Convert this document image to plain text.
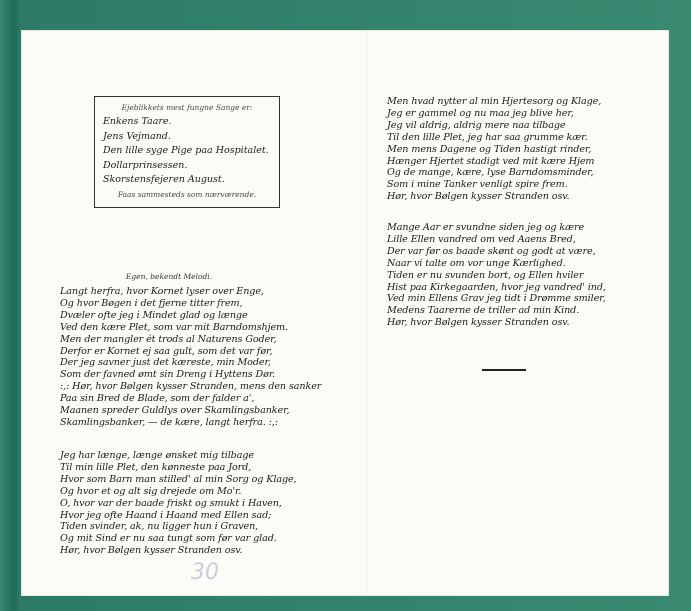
Ejeblikkets mest fungne Sange er:
Enkens Taare.
Jens Vejmand.
Den lille syge Pige paa Hospitalet.
Dollarprinsessen.
Skorstensfejeren August.
Faas sammesteds som nærværende.
Egen, bekendt Melodi.
Langt herfra, hvor Kornet lyser over Enge,
Og hvor Bøgen i det fjerne titter frem,
Dvæler ofte jeg i Mindet glad og længe
Ved den kære Plet, som var mit Barndomshjem.
Men der mangler ét trods al Naturens Goder,
Derfor er Kornet ej saa gult, som det var før,
Der jeg savner just det kæreste, min Moder,
Som der favned ømt sin Dreng i Hyttens Dør.
:,: Hør, hvor Bølgen kysser Stranden, mens den sanker
Paa sin Bred de Blade, som der falder a',
Maanen spreder Guldlys over Skamlingsbanker,
Skamlingsbanker, — de kære, langt herfra. :,:
Jeg har længe, længe ønsket mig tilbage
Til min lille Plet, den kønneste paa Jord,
Hvor som Barn man stilled' al min Sorg og Klage,
Og hvor et og alt sig drejede om Mo'r.
O, hvor var der baade friskt og smukt i Haven,
Hvor jeg ofte Haand i Haand med Ellen sad;
Tiden svinder, ak, nu ligger hun i Graven,
Og mit Sind er nu saa tungt som før var glad.
Hør, hvor Bølgen kysser Stranden osv.
Men hvad nytter al min Hjertesorg og Klage,
Jeg er gammel og nu maa jeg blive her,
Jeg vil aldrig, aldrig mere naa tilbage
Til den lille Plet, jeg har saa grumme kær.
Men mens Dagene og Tiden hastigt rinder,
Hænger Hjertet stadigt ved mit kære Hjem
Og de mange, kære, lyse Barndomsminder,
Som i mine Tanker venligt spire frem.
Hør, hvor Bølgen kysser Stranden osv.
Mange Aar er svundne siden jeg og kære
Lille Ellen vandred om ved Aaens Bred,
Der var før os baade skønt og godt at være,
Naar vi talte om vor unge Kærlighed.
Tiden er nu svunden bort, og Ellen hviler
Hist paa Kirkegaarden, hvor jeg vandred' ind,
Ved min Ellens Grav jeg tidt i Drømme smiler,
Medens Taarerne de triller ad min Kind.
Hør, hvor Bølgen kysser Stranden osv.
30
